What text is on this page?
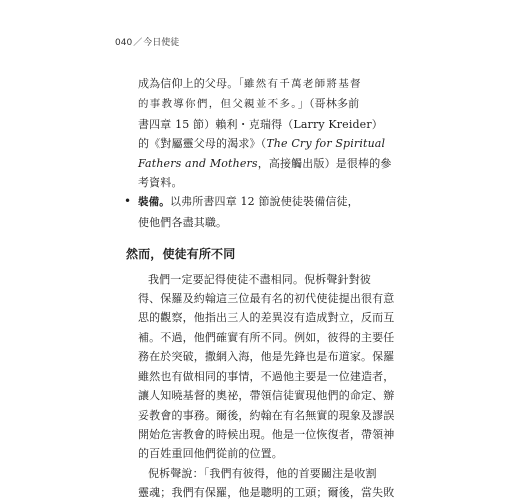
040／今日使徒
成為信仰上的父母。「雖然有千萬老師將基督
的事教導你們，但父親並不多。」（哥林多前
書四章 15 節）賴利・克瑞得（Larry Kreider）
的《對屬靈父母的渴求》（The Cry for Spiritual
Fathers and Mothers，高接觸出版）是很棒的參
考資料。
• 裝備。以弗所書四章 12 節說使徒裝備信徒，
使他們各盡其職。
然而，使徒有所不同
我們一定要記得使徒不盡相同。倪柝聲針對彼
得、保羅及約翰這三位最有名的初代使徒提出很有意
思的觀察，他指出三人的差異沒有造成對立，反而互
補。不過，他們確實有所不同。例如，彼得的主要任
務在於突破，撒網入海，他是先鋒也是布道家。保羅
雖然也有做相同的事情，不過他主要是一位建造者，
讓人知曉基督的奧祕，帶領信徒實現他們的命定、辦
妥教會的事務。爾後，約翰在有名無實的現象及謬誤
開始危害教會的時候出現。他是一位恢復者，帶領神
的百姓重回他們從前的位置。
倪柝聲說：「我們有彼得，他的首要關注是收割
靈魂；我們有保羅，他是聰明的工頭；爾後，當失敗
